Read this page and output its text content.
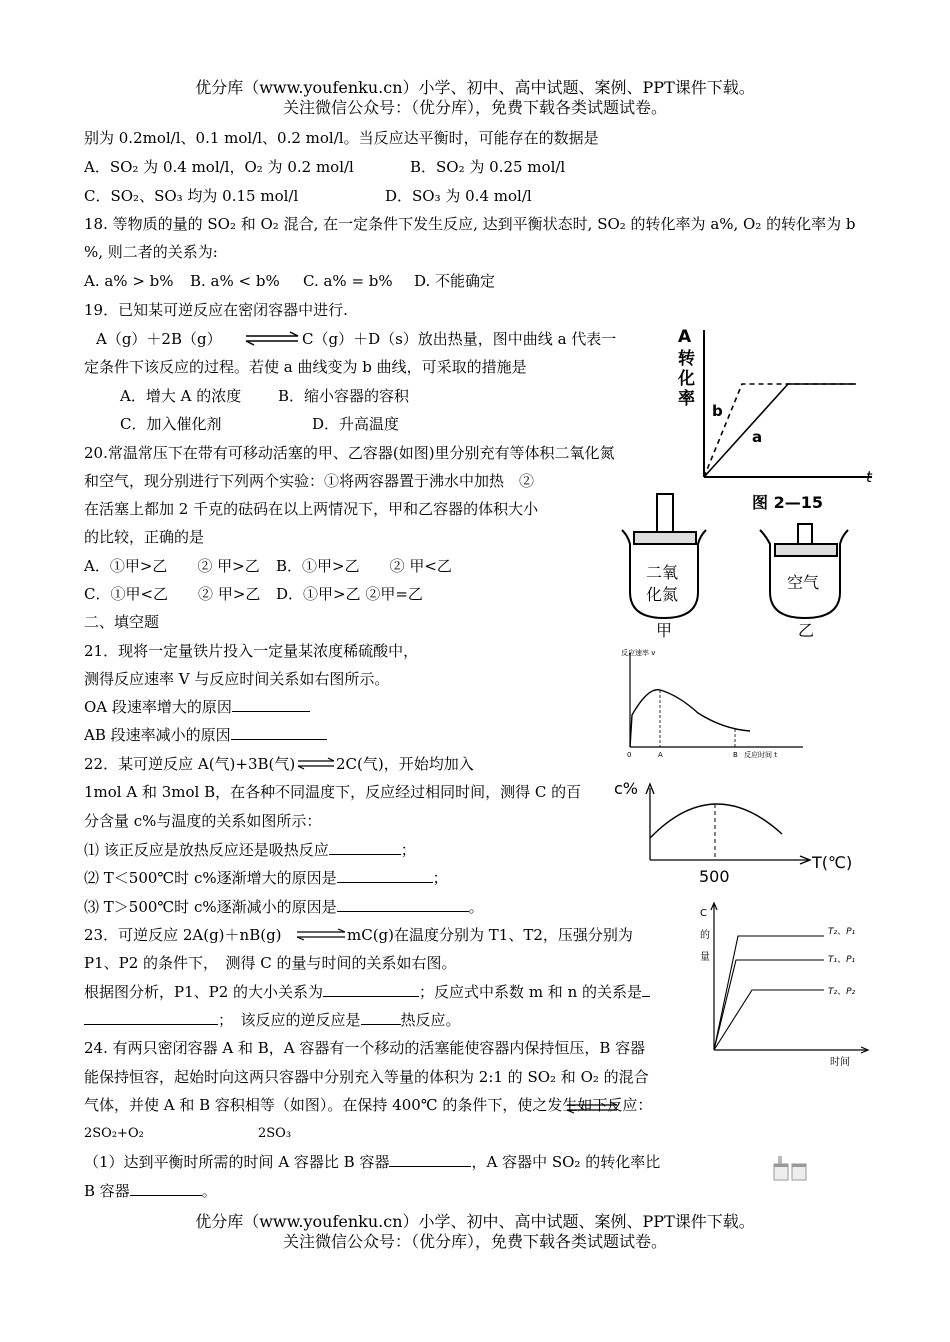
优分库（www.youfenku.cn）小学、初中、高中试题、案例、PPT课件下载。
关注微信公众号：（优分库），免费下载各类试题试卷。
别为 0.2mol/l、0.1 mol/l、0.2 mol/l。当反应达平衡时，可能存在的数据是
A．SO₂ 为 0.4 mol/l，O₂ 为 0.2 mol/l	B．SO₂ 为 0.25 mol/l
C．SO₂、SO₃ 均为 0.15 mol/l	D．SO₃ 为 0.4 mol/l
18. 等物质的量的 SO₂ 和 O₂ 混合, 在一定条件下发生反应, 达到平衡状态时, SO₂ 的转化率为 a%, O₂ 的转化率为 b
%, 则二者的关系为:
A. a% > b% B. a% < b% C. a% = b% D. 不能确定
19．已知某可逆反应在密闭容器中进行.
A（g）＋2B（g） ⇌ C（g）＋D（s）放出热量，图中曲线 a 代表一
定条件下该反应的过程。若使 a 曲线变为 b 曲线，可采取的措施是
A．增大 A 的浓度 B．缩小容器的容积
C．加入催化剂	D．升高温度
A
转
化
率
t
b
a
图 2—15
20.常温常压下在带有可移动活塞的甲、乙容器(如图)里分别充有等体积二氧化氮
和空气，现分别进行下列两个实验：①将两容器置于沸水中加热　②
在活塞上都加 2 千克的砝码在以上两情况下，甲和乙容器的体积大小
的比较，正确的是
A．①甲>乙　　② 甲>乙 B．①甲>乙　　② 甲<乙
C．①甲<乙　　② 甲>乙 D．①甲>乙 ②甲=乙
二氧
化氮
甲
空气
乙
二、填空题
21．现将一定量铁片投入一定量某浓度稀硫酸中，
测得反应速率 V 与反应时间关系如右图所示。
OA 段速率增大的原因
AB 段速率减小的原因
反应速率 v
0	A	B 反应时间 t
22．某可逆反应 A(气)+3B(气) ⇌ 2C(气)，开始均加入
1mol A 和 3mol B，在各种不同温度下，反应经过相同时间，测得 C 的百
分含量 c%与温度的关系如图所示：
⑴ 该正反应是放热反应还是吸热反应	；
⑵ T＜500℃时 c%逐渐增大的原因是	；
⑶ T＞500℃时 c%逐渐减小的原因是	。
c%
T(℃)
500
23．可逆反应 2A(g)＋nB(g) ⇌ mC(g)在温度分别为 T1、T2，压强分别为
P1、P2 的条件下，　测得 C 的量与时间的关系如右图。
根据图分析，P1、P2 的大小关系为	；反应式中系数 m 和 n 的关系是
；　该反应的逆反应是	热反应。
C
的
量
T₂、P₁
T₁、P₁
T₂、P₂
时间
24. 有两只密闭容器 A 和 B，A 容器有一个移动的活塞能使容器内保持恒压，B 容器
能保持恒容，起始时向这两只容器中分别充入等量的体积为 2:1 的 SO₂ 和 O₂ 的混合
气体，并使 A 和 B 容积相等（如图）。在保持 400℃ 的条件下，使之发生如下反应：
2SO₂+O₂	2SO₃
（1）达到平衡时所需的时间 A 容器比 B 容器	，A 容器中 SO₂ 的转化率比
B 容器	。
优分库（www.youfenku.cn）小学、初中、高中试题、案例、PPT课件下载。
关注微信公众号：（优分库），免费下载各类试题试卷。
